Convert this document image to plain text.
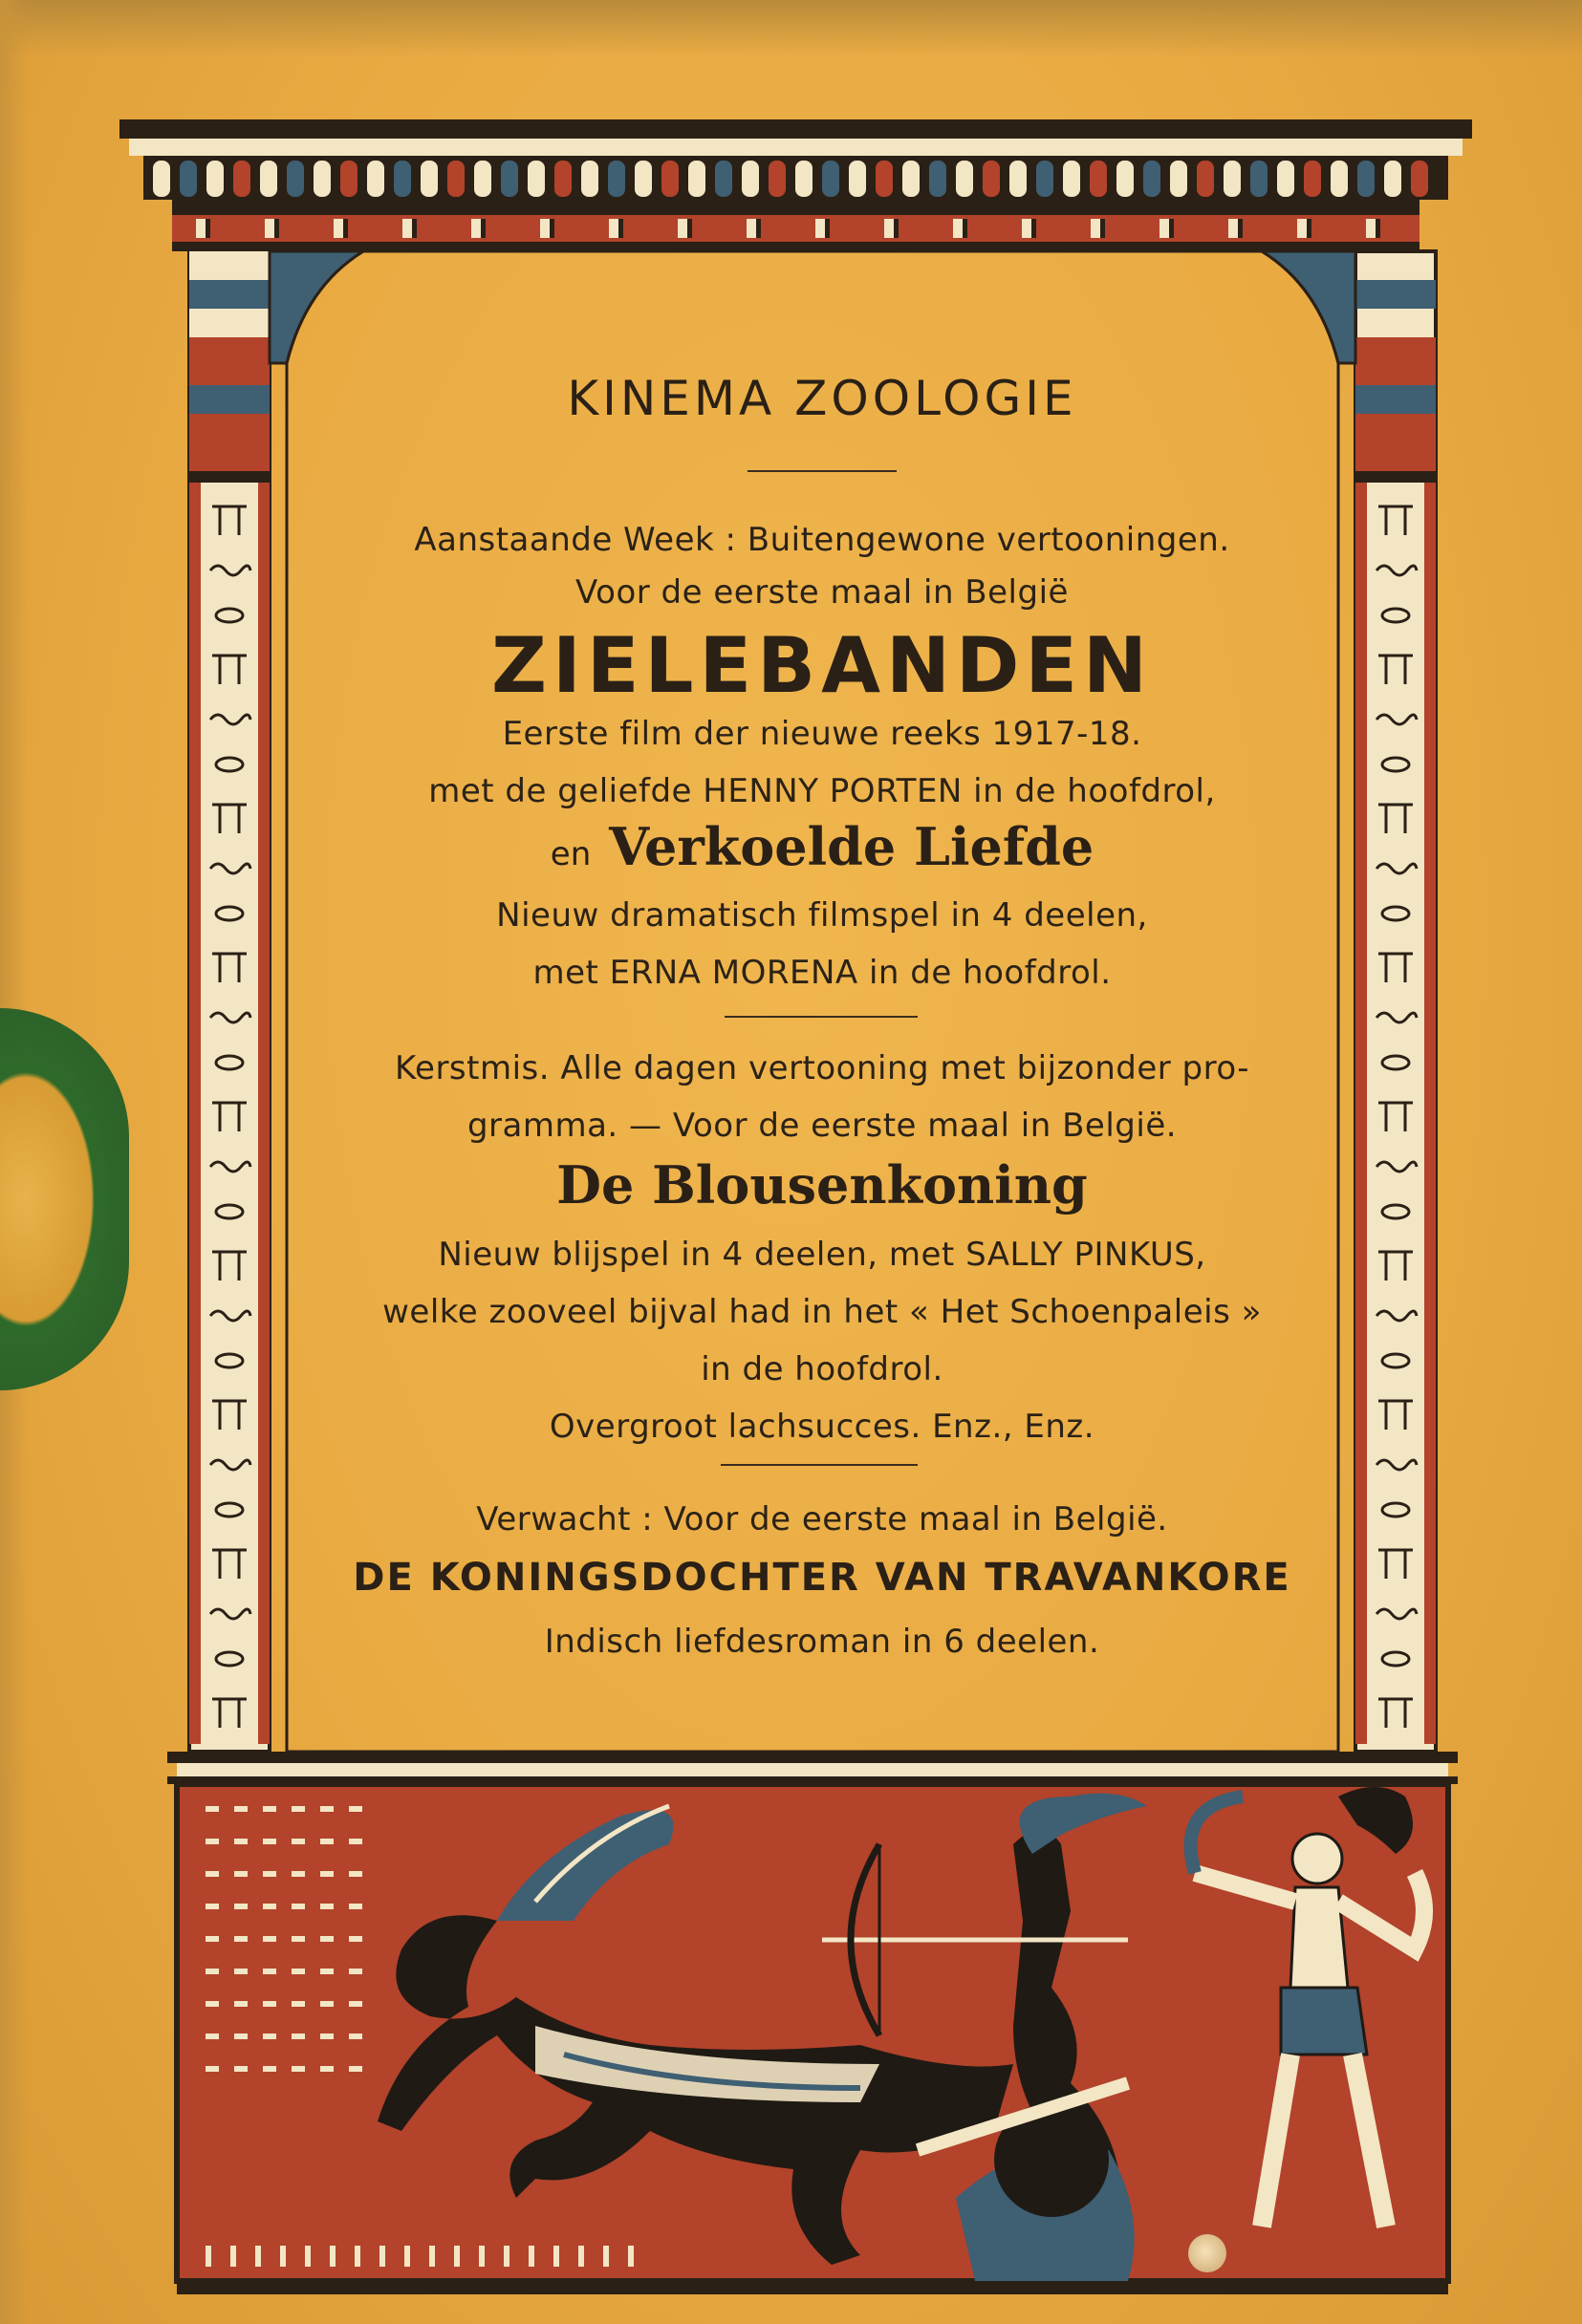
KINEMA ZOOLOGIE
Aanstaande Week : Buitengewone vertooningen.
Voor de eerste maal in België
ZIELEBANDEN
Eerste film der nieuwe reeks 1917-18.
met de geliefde HENNY PORTEN in de hoofdrol,
en Verkoelde Liefde
Nieuw dramatisch filmspel in 4 deelen,
met ERNA MORENA in de hoofdrol.
Kerstmis. Alle dagen vertooning met bijzonder pro-
gramma. — Voor de eerste maal in België.
De Blousenkoning
Nieuw blijspel in 4 deelen, met SALLY PINKUS,
welke zooveel bijval had in het « Het Schoenpaleis »
in de hoofdrol.
Overgroot lachsucces. Enz., Enz.
Verwacht : Voor de eerste maal in België.
DE KONINGSDOCHTER VAN TRAVANKORE
Indisch liefdesroman in 6 deelen.
